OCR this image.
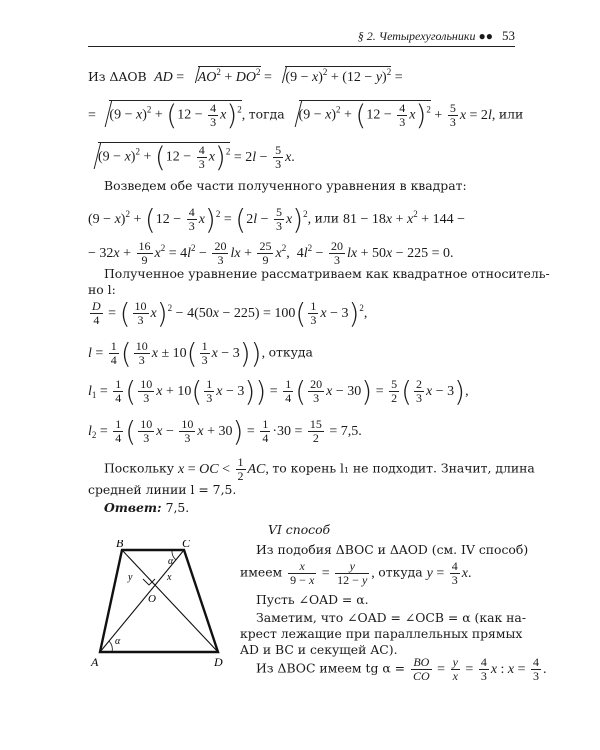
§ 2. Четырехугольники ●● 53
Из ΔAOB AD = $AO^2 + DO^2 = (9 - x)^2 + (12 - y)^2$ =
= $(9 - x)^2 + (12 - \frac{4}{3} x)^2$, тогда $(9 - x)^2 + (12 - \frac{4}{3} x)^2 + \frac{5}{3}$ x = 2l, или
$(9 - x)^2 + (12 - \frac{4}{3} x)^2 = 2l - \frac{5}{3} x$.
Возведем обе части полученного уравнения в квадрат:
$(9 - x)^2 + (12 - \frac{4}{3} x)^2 = (2l - \frac{5}{3} x)^2$, или $81 - 18x + x^2 + 144$ −
− $32x + \frac{16}{9} x^2 = 4l^2 - \frac{20}{3}$ lx + $\frac{25}{9} x^2$,  $4l^2 - \frac{20}{3}$ lx + 50x − 225 = 0.
Полученное уравнение рассматриваем как квадратное относитель-
но l:
$\frac{D}{4}$ = ( $\frac{10}{3} x)^2 - 4(50x - 225) = 100( \frac{1}{3}$ $x - 3)^2$,
$l = \frac{1}{4}$ ( $\frac{10}{3}$ $x \pm 10( \frac{1}{3}$ x − 3)), откуда
$l_1 = \frac{1}{4}$ ( $\frac{10}{3}$ $x + 10( \frac{1}{3}$ $x - 3)) = \frac{1}{4}$ ( $\frac{20}{3}$ $x - 30) = \frac{5}{2}$ ( $\frac{2}{3}$ x − 3),
$l_2 = \frac{1}{4}$ ( $\frac{10}{3}$ $x - \frac{10}{3}$ $x + 30) = \frac{1}{4} \cdot 30 = \frac{15}{2} = 7,5$.
Поскольку x = OC < $\frac{1}{2}$ AC, то корень l₁ не подходит. Значит, длина
средней линии l = 7,5.
Ответ: 7,5.
VI способ
A
B	C
D
O
x
y
α
α
Из подобия ΔBOC и ΔAOD (см. IV способ)
имеем $\frac{x}{9 - x} = \frac{y}{12 - y}$ , откуда $y = \frac{4}{3} x$.
Пусть ∠OAD = α.
Заметим, что ∠OAD = ∠OCB = α (как на-
крест лежащие при параллельных прямых
AD и BC и секущей AC).
Из ΔBOC имеем tg $\alpha = \frac{BO}{CO} = \frac{y}{x} = \frac{4}{3}$ x : $x = \frac{4}{3}$ .
